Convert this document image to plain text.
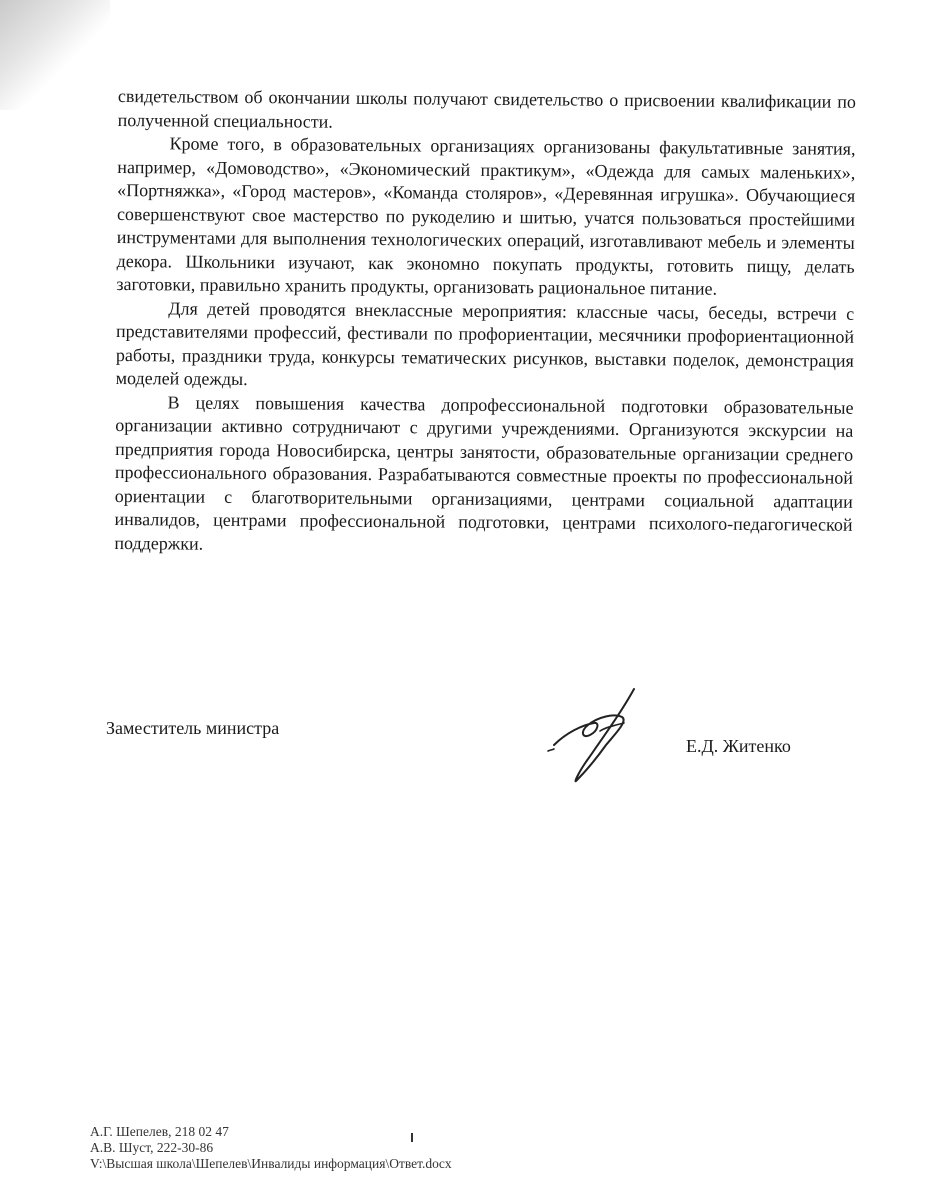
свидетельством об окончании школы получают свидетельство о присвоении квалификации по полученной специальности.

Кроме того, в образовательных организациях организованы факультативные занятия, например, «Домоводство», «Экономический практикум», «Одежда для самых маленьких», «Портняжка», «Город мастеров», «Команда столяров», «Деревянная игрушка». Обучающиеся совершенствуют свое мастерство по рукоделию и шитью, учатся пользоваться простейшими инструментами для выполнения технологических операций, изготавливают мебель и элементы декора. Школьники изучают, как экономно покупать продукты, готовить пищу, делать заготовки, правильно хранить продукты, организовать рациональное питание.

Для детей проводятся внеклассные мероприятия: классные часы, беседы, встречи с представителями профессий, фестивали по профориентации, месячники профориентационной работы, праздники труда, конкурсы тематических рисунков, выставки поделок, демонстрация моделей одежды.

В целях повышения качества допрофессиональной подготовки образовательные организации активно сотрудничают с другими учреждениями. Организуются экскурсии на предприятия города Новосибирска, центры занятости, образовательные организации среднего профессионального образования. Разрабатываются совместные проекты по профессиональной ориентации с благотворительными организациями, центрами социальной адаптации инвалидов, центрами профессиональной подготовки, центрами психолого-педагогической поддержки.

Заместитель министра
Е.Д. Житенко
А.Г. Шепелев, 218 02 47
А.В. Шуст, 222-30-86
V:\Высшая школа\Шепелев\Инвалиды информация\Ответ.docx
